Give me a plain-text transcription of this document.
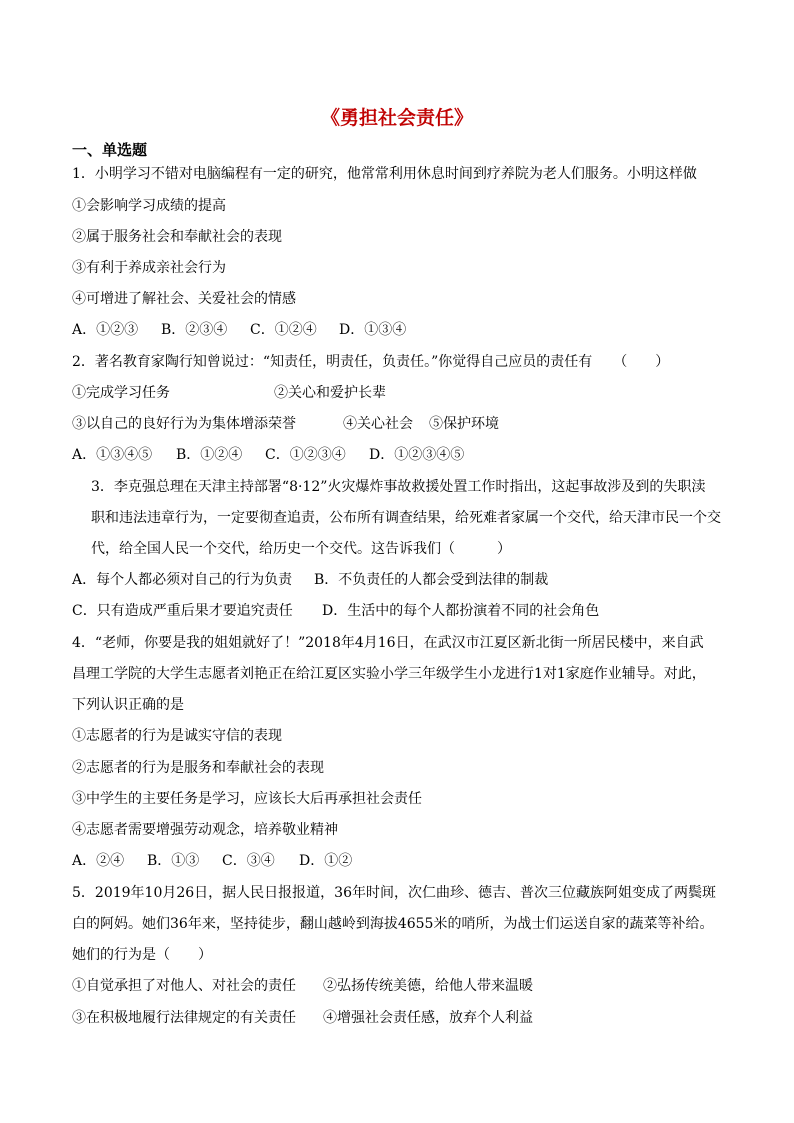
《勇担社会责任》
一、单选题
1．小明学习不错对电脑编程有一定的研究，他常常利用休息时间到疗养院为老人们服务。小明这样做
①会影响学习成绩的提高
②属于服务社会和奉献社会的表现
③有利于养成亲社会行为
④可增进了解社会、关爱社会的情感
A．①②③ B．②③④ C．①②④ D．①③④
2．著名教育家陶行知曾说过：“知责任，明责任，负责任。”你觉得自己应员的责任有　　（　　）
①完成学习任务	②关心和爱护长辈
③以自己的良好行为为集体增添荣誉	④关心社会 ⑤保护环境
A．①③④⑤ B．①②④ C．①②③④ D．①②③④⑤
3．李克强总理在天津主持部署“8·12”火灾爆炸事故救援处置工作时指出，这起事故涉及到的失职渎
职和违法违章行为，一定要彻查追责，公布所有调查结果，给死难者家属一个交代，给天津市民一个交
代，给全国人民一个交代，给历史一个交代。这告诉我们（　　　）
A．每个人都必须对自己的行为负责 B．不负责任的人都会受到法律的制裁
C．只有造成严重后果才要追究责任 D．生活中的每个人都扮演着不同的社会角色
4．“老师，你要是我的姐姐就好了！”2018年4月16日，在武汉市江夏区新北街一所居民楼中，来自武
昌理工学院的大学生志愿者刘艳正在给江夏区实验小学三年级学生小龙进行1对1家庭作业辅导。对此，
下列认识正确的是
①志愿者的行为是诚实守信的表现
②志愿者的行为是服务和奉献社会的表现
③中学生的主要任务是学习，应该长大后再承担社会责任
④志愿者需要增强劳动观念，培养敬业精神
A．②④ B．①③ C．③④ D．①②
5．2019年10月26日，据人民日报报道，36年时间，次仁曲珍、德吉、普次三位藏族阿姐变成了两鬓斑
白的阿妈。她们36年来，坚持徒步，翻山越岭到海拔4655米的哨所，为战士们运送自家的蔬菜等补给。
她们的行为是（　　）
①自觉承担了对他人、对社会的责任 ②弘扬传统美德，给他人带来温暖
③在积极地履行法律规定的有关责任 ④增强社会责任感，放弃个人利益
